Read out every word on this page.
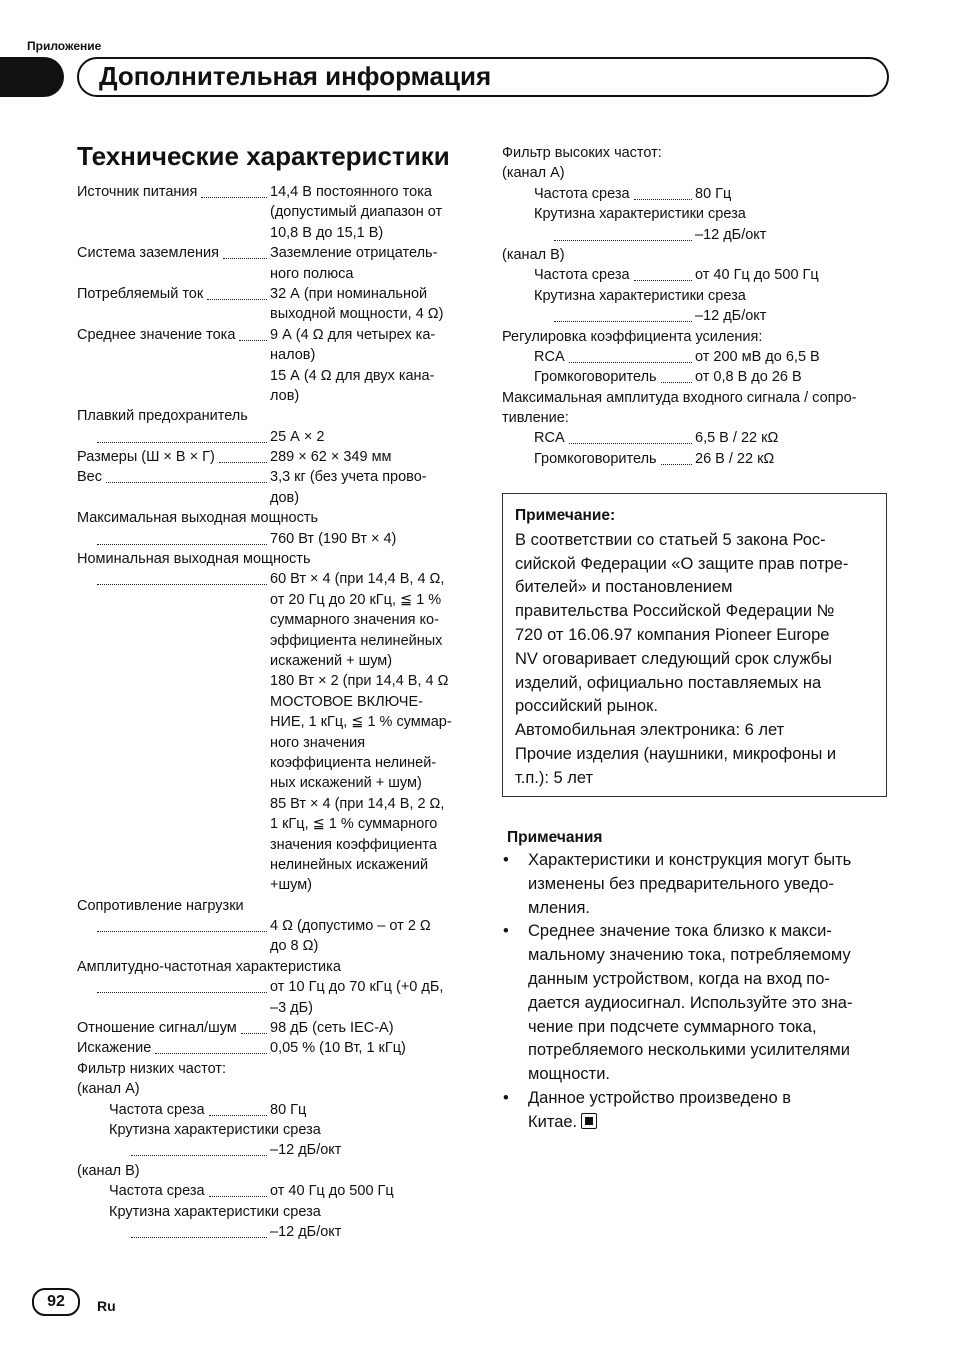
Приложение
Дополнительная информация
Технические характеристики
Источник питания	14,4 В постоянного тока
(допустимый диапазон от
10,8 В до 15,1 В)
Система заземления	Заземление отрицатель-
ного полюса
Потребляемый ток	32 А (при номинальной
выходной мощности, 4 Ω)
Среднее значение тока 9 А (4 Ω для четырех ка-
налов)
15 А (4 Ω для двух кана-
лов)
Плавкий предохранитель
25 А × 2
Размеры (Ш × В × Г)	289 × 62 × 349 мм
Вес	3,3 кг (без учета прово-
дов)
Максимальная выходная мощность
760 Вт (190 Вт × 4)
Номинальная выходная мощность
60 Вт × 4 (при 14,4 В, 4 Ω,
от 20 Гц до 20 кГц, ≦ 1 %
суммарного значения ко-
эффициента нелинейных
искажений + шум)
180 Вт × 2 (при 14,4 В, 4 Ω
МОСТОВОЕ ВКЛЮЧЕ-
НИЕ, 1 кГц, ≦ 1 % суммар-
ного значения
коэффициента нелиней-
ных искажений + шум)
85 Вт × 4 (при 14,4 В, 2 Ω,
1 кГц, ≦ 1 % суммарного
значения коэффициента
нелинейных искажений
+шум)
Сопротивление нагрузки
4 Ω (допустимо – от 2 Ω
до 8 Ω)
Амплитудно-частотная характеристика
от 10 Гц до 70 кГц (+0 дБ,
–3 дБ)
Отношение сигнал/шум 98 дБ (сеть IEC-A)
Искажение	0,05 % (10 Вт, 1 кГц)
Фильтр низких частот:
(канал A)
Частота среза	80 Гц
Крутизна характеристики среза
–12 дБ/окт
(канал B)
Частота среза	от 40 Гц до 500 Гц
Крутизна характеристики среза
–12 дБ/окт
Фильтр высоких частот:
(канал A)
Частота среза	80 Гц
Крутизна характеристики среза
–12 дБ/окт
(канал B)
Частота среза	от 40 Гц до 500 Гц
Крутизна характеристики среза
–12 дБ/окт
Регулировка коэффициента усиления:
RCA	от 200 мВ до 6,5 В
Громкоговоритель	от 0,8 В до 26 В
Максимальная амплитуда входного сигнала / сопро-
тивление:
RCA	6,5 В / 22 кΩ
Громкоговоритель	26 В / 22 кΩ
Примечание:
В соответствии со статьей 5 закона Рос-
сийской Федерации «О защите прав потре-
бителей» и постановлением
правительства Российской Федерации №
720 от 16.06.97 компания Pioneer Europe
NV оговаривает следующий срок службы
изделий, официально поставляемых на
российский рынок.
Автомобильная электроника: 6 лет
Прочие изделия (наушники, микрофоны и
т.п.): 5 лет
Примечания
• Характеристики и конструкция могут быть
изменены без предварительного уведо-
мления.
• Среднее значение тока близко к макси-
мальному значению тока, потребляемому
данным устройством, когда на вход по-
дается аудиосигнал. Используйте это зна-
чение при подсчете суммарного тока,
потребляемого несколькими усилителями
мощности.
• Данное устройство произведено в
Китае.
92	Ru
